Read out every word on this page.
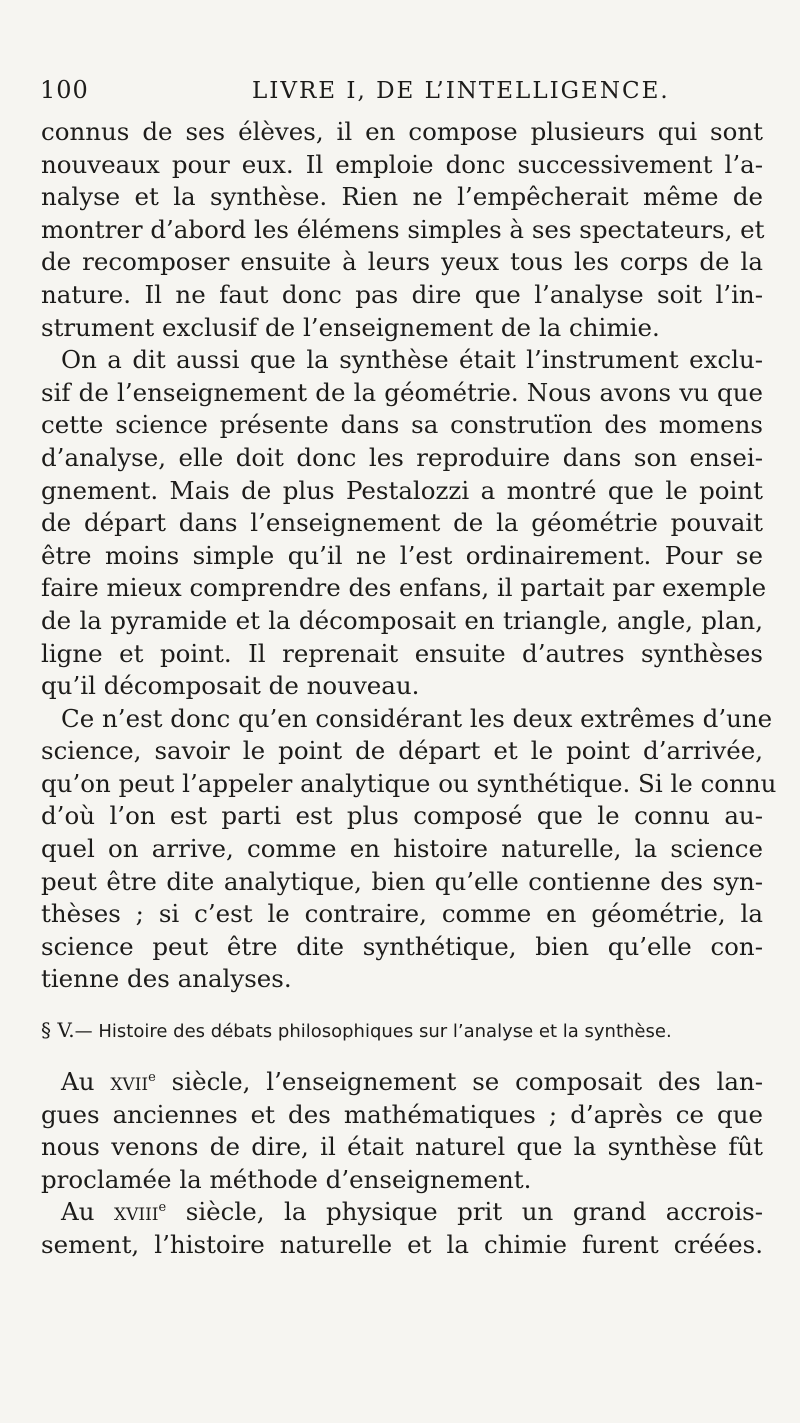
100	LIVRE I, DE L’INTELLIGENCE.
connus de ses élèves, il en compose plusieurs qui sont
nouveaux pour eux. Il emploie donc successivement l’a-
nalyse et la synthèse. Rien ne l’empêcherait même de
montrer d’abord les élémens simples à ses spectateurs, et
de recomposer ensuite à leurs yeux tous les corps de la
nature. Il ne faut donc pas dire que l’analyse soit l’in-
strument exclusif de l’enseignement de la chimie.
On a dit aussi que la synthèse était l’instrument exclu-
sif de l’enseignement de la géométrie. Nous avons vu que
cette science présente dans sa construtïon des momens
d’analyse, elle doit donc les reproduire dans son ensei-
gnement. Mais de plus Pestalozzi a montré que le point
de départ dans l’enseignement de la géométrie pouvait
être moins simple qu’il ne l’est ordinairement. Pour se
faire mieux comprendre des enfans, il partait par exemple
de la pyramide et la décomposait en triangle, angle, plan,
ligne et point. Il reprenait ensuite d’autres synthèses
qu’il décomposait de nouveau.
Ce n’est donc qu’en considérant les deux extrêmes d’une
science, savoir le point de départ et le point d’arrivée,
qu’on peut l’appeler analytique ou synthétique. Si le connu
d’où l’on est parti est plus composé que le connu au-
quel on arrive, comme en histoire naturelle, la science
peut être dite analytique, bien qu’elle contienne des syn-
thèses ; si c’est le contraire, comme en géométrie, la
science peut être dite synthétique, bien qu’elle con-
tienne des analyses.
§ V.— Histoire des débats philosophiques sur l’analyse et la synthèse.
Au xvii$^e$ siècle, l’enseignement se composait des lan-
gues anciennes et des mathématiques ; d’après ce que
nous venons de dire, il était naturel que la synthèse fût
proclamée la méthode d’enseignement.
Au xviii$^e$ siècle, la physique prit un grand accrois-
sement, l’histoire naturelle et la chimie furent créées.
